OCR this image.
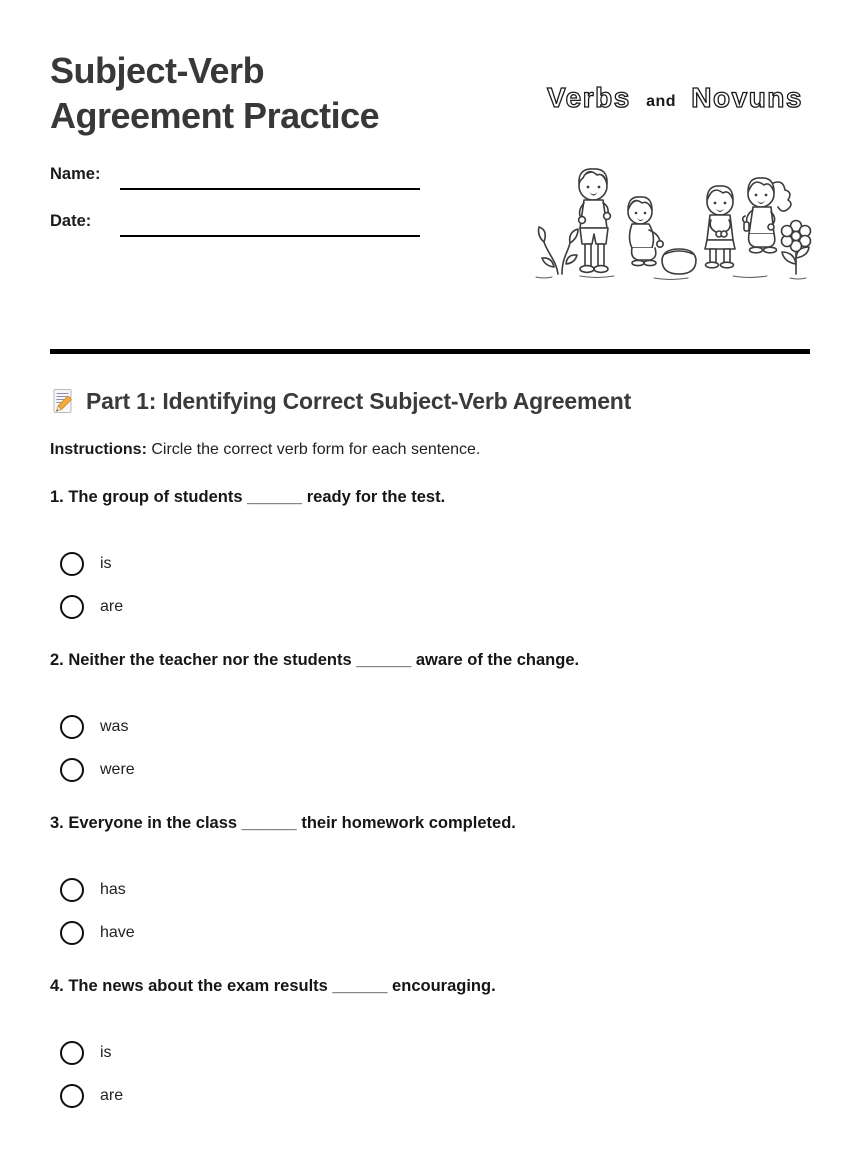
Subject-Verb Agreement Practice	Verbs and Novuns
Name:
Date:
Part 1: Identifying Correct Subject-Verb Agreement
Instructions: Circle the correct verb form for each sentence.
1. The group of students ______ ready for the test.
is
are
2. Neither the teacher nor the students ______ aware of the change.
was
were
3. Everyone in the class ______ their homework completed.
has
have
4. The news about the exam results ______ encouraging.
is
are
